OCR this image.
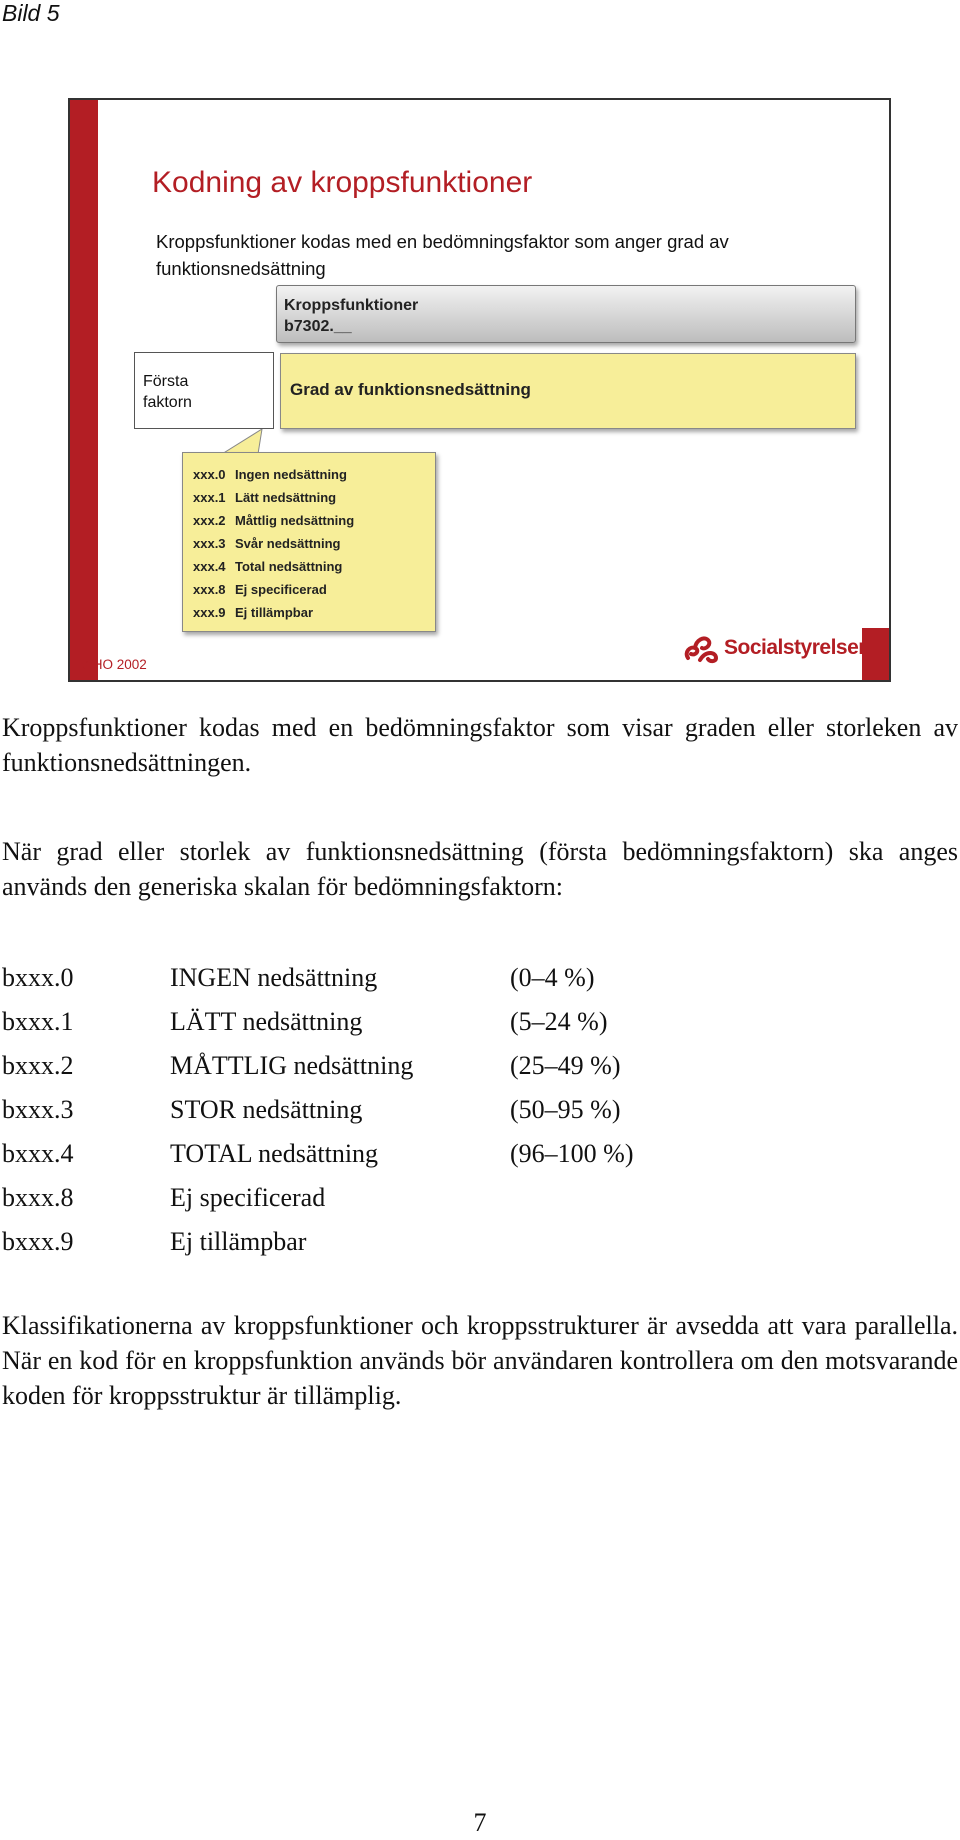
Bild 5
Kodning av kroppsfunktioner
Kroppsfunktioner kodas med en bedömningsfaktor som anger grad av funktionsnedsättning
Kroppsfunktioner
b7302.__
Första
faktorn
Grad av funktionsnedsättning
xxx.0 Ingen nedsättning
xxx.1 Lätt nedsättning
xxx.2 Måttlig nedsättning
xxx.3 Svår nedsättning
xxx.4 Total nedsättning
xxx.8 Ej specificerad
xxx.9 Ej tillämpbar
WHO 2002
Socialstyrelsen
Kroppsfunktioner kodas med en bedömningsfaktor som visar graden eller storleken av funktionsnedsättningen.
När grad eller storlek av funktionsnedsättning (första bedömningsfaktorn) ska anges används den generiska skalan för bedömningsfaktorn:
bxxx.0	INGEN nedsättning	(0–4 %)
bxxx.1	LÄTT nedsättning	(5–24 %)
bxxx.2	MÅTTLIG nedsättning	(25–49 %)
bxxx.3	STOR nedsättning	(50–95 %)
bxxx.4	TOTAL nedsättning	(96–100 %)
bxxx.8	Ej specificerad
bxxx.9	Ej tillämpbar
Klassifikationerna av kroppsfunktioner och kroppsstrukturer är avsedda att vara parallella. När en kod för en kroppsfunktion används bör användaren kontrollera om den motsvarande koden för kroppsstruktur är tillämplig.
7
